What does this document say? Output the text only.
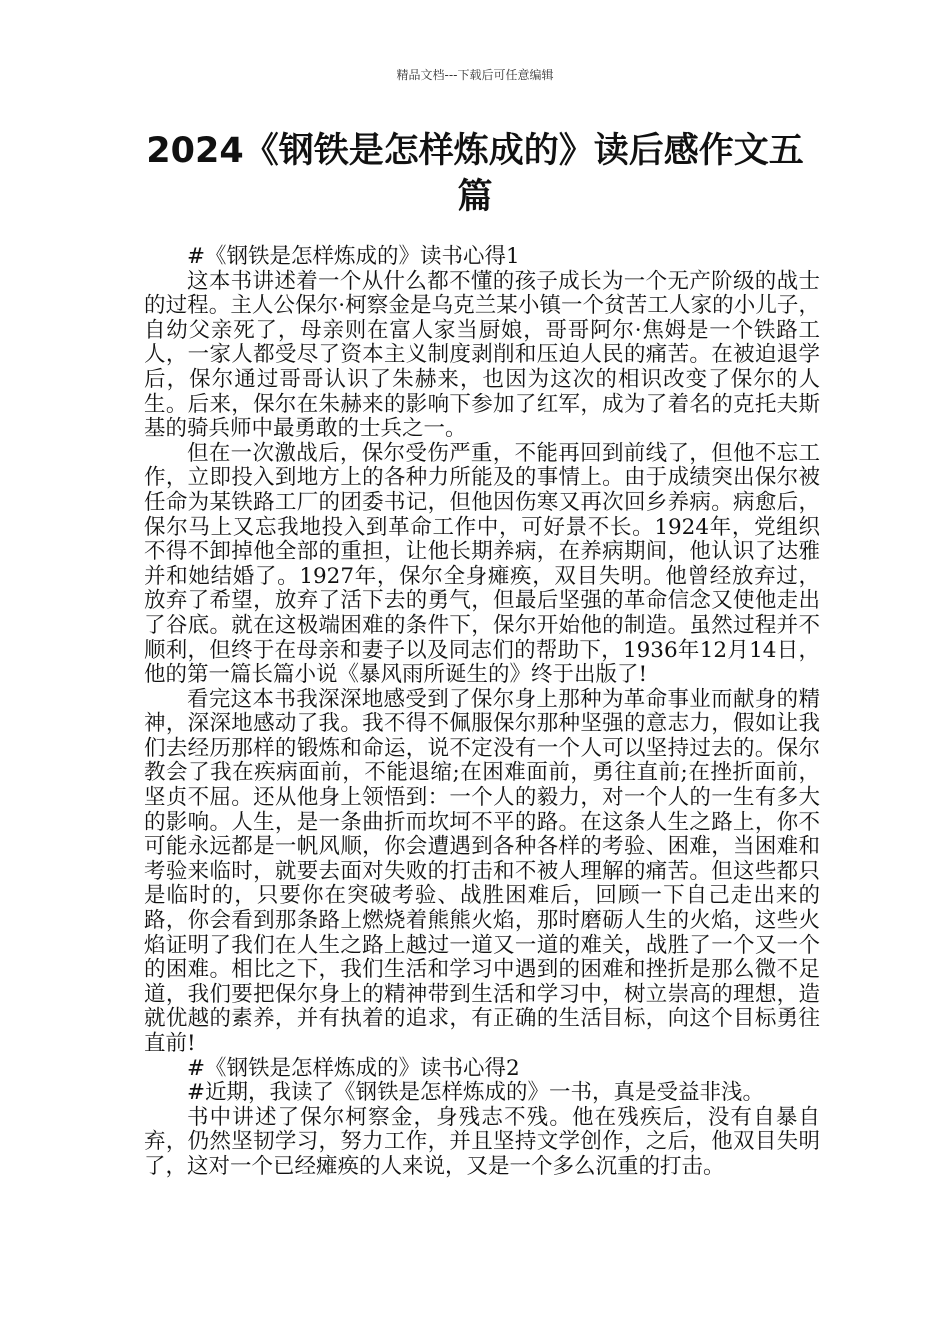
精品文档---下载后可任意编辑
2024《钢铁是怎样炼成的》读后感作文五篇

#《钢铁是怎样炼成的》读书心得1

这本书讲述着一个从什么都不懂的孩子成长为一个无产阶级的战士的过程。主人公保尔·柯察金是乌克兰某小镇一个贫苦工人家的小儿子，自幼父亲死了，母亲则在富人家当厨娘，哥哥阿尔·焦姆是一个铁路工人，一家人都受尽了资本主义制度剥削和压迫人民的痛苦。在被迫退学后，保尔通过哥哥认识了朱赫来，也因为这次的相识改变了保尔的人生。后来，保尔在朱赫来的影响下参加了红军，成为了着名的克托夫斯基的骑兵师中最勇敢的士兵之一。

但在一次激战后，保尔受伤严重，不能再回到前线了，但他不忘工作，立即投入到地方上的各种力所能及的事情上。由于成绩突出保尔被任命为某铁路工厂的团委书记，但他因伤寒又再次回乡养病。病愈后，保尔马上又忘我地投入到革命工作中，可好景不长。1924年，党组织不得不卸掉他全部的重担，让他长期养病，在养病期间，他认识了达雅并和她结婚了。1927年，保尔全身瘫痪，双目失明。他曾经放弃过，放弃了希望，放弃了活下去的勇气，但最后坚强的革命信念又使他走出了谷底。就在这极端困难的条件下，保尔开始他的制造。虽然过程并不顺利，但终于在母亲和妻子以及同志们的帮助下，1936年12月14日，他的第一篇长篇小说《暴风雨所诞生的》终于出版了!

看完这本书我深深地感受到了保尔身上那种为革命事业而献身的精神，深深地感动了我。我不得不佩服保尔那种坚强的意志力，假如让我们去经历那样的锻炼和命运，说不定没有一个人可以坚持过去的。保尔教会了我在疾病面前，不能退缩;在困难面前，勇往直前;在挫折面前，坚贞不屈。还从他身上领悟到：一个人的毅力，对一个人的一生有多大的影响。人生，是一条曲折而坎坷不平的路。在这条人生之路上，你不可能永远都是一帆风顺，你会遭遇到各种各样的考验、困难，当困难和考验来临时，就要去面对失败的打击和不被人理解的痛苦。但这些都只是临时的，只要你在突破考验、战胜困难后，回顾一下自己走出来的路，你会看到那条路上燃烧着熊熊火焰，那时磨砺人生的火焰，这些火焰证明了我们在人生之路上越过一道又一道的难关，战胜了一个又一个的困难。相比之下，我们生活和学习中遇到的困难和挫折是那么微不足道，我们要把保尔身上的精神带到生活和学习中，树立崇高的理想，造就优越的素养，并有执着的追求，有正确的生活目标，向这个目标勇往直前!

#《钢铁是怎样炼成的》读书心得2

#近期，我读了《钢铁是怎样炼成的》一书，真是受益非浅。

书中讲述了保尔柯察金，身残志不残。他在残疾后，没有自暴自弃，仍然坚韧学习，努力工作，并且坚持文学创作，之后，他双目失明了，这对一个已经瘫痪的人来说，又是一个多么沉重的打击。
